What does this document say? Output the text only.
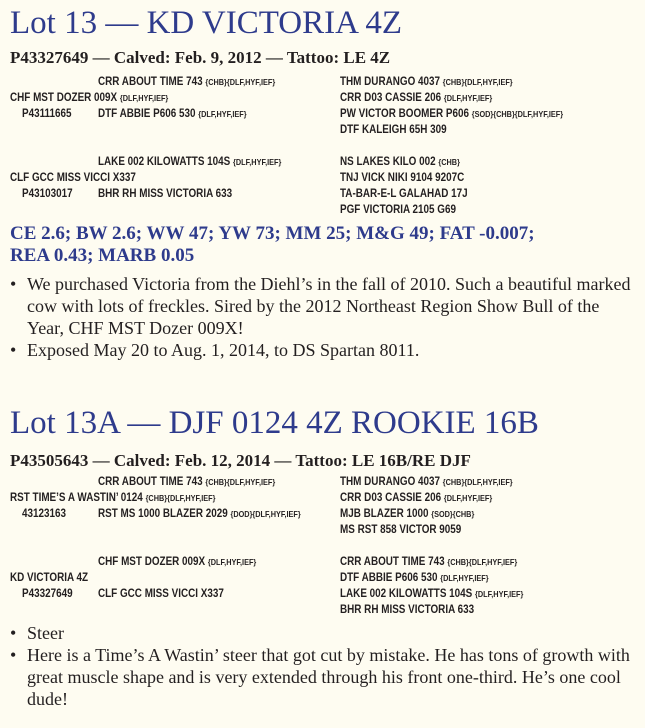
Lot 13 — KD VICTORIA 4Z
P43327649 — Calved: Feb. 9, 2012 — Tattoo: LE 4Z
CRR ABOUT TIME 743 {CHB}{DLF,HYF,IEF}
CHF MST DOZER 009X {DLF,HYF,IEF}
P43111665 DTF ABBIE P606 530 {DLF,HYF,IEF}
THM DURANGO 4037 {CHB}{DLF,HYF,IEF}
CRR D03 CASSIE 206 {DLF,HYF,IEF}
PW VICTOR BOOMER P606 {SOD}{CHB}{DLF,HYF,IEF}
DTF KALEIGH 65H 309
LAKE 002 KILOWATTS 104S {DLF,HYF,IEF}
CLF GCC MISS VICCI X337
P43103017 BHR RH MISS VICTORIA 633
NS LAKES KILO 002 {CHB}
TNJ VICK NIKI 9104 9207C
TA-BAR-E-L GALAHAD 17J
PGF VICTORIA 2105 G69
CE 2.6; BW 2.6; WW 47; YW 73; MM 25; M&G 49; FAT -0.007;
REA 0.43; MARB 0.05
• We purchased Victoria from the Diehl’s in the fall of 2010. Such a beautiful marked cow with lots of freckles. Sired by the 2012 Northeast Region Show Bull of the Year, CHF MST Dozer 009X!
• Exposed May 20 to Aug. 1, 2014, to DS Spartan 8011.
Lot 13A — DJF 0124 4Z ROOKIE 16B
P43505643 — Calved: Feb. 12, 2014 — Tattoo: LE 16B/RE DJF
CRR ABOUT TIME 743 {CHB}{DLF,HYF,IEF}
RST TIME’S A WASTIN’ 0124 {CHB}{DLF,HYF,IEF}
43123163	RST MS 1000 BLAZER 2029 {DOD}{DLF,HYF,IEF}
THM DURANGO 4037 {CHB}{DLF,HYF,IEF}
CRR D03 CASSIE 206 {DLF,HYF,IEF}
MJB BLAZER 1000 {SOD}{CHB}
MS RST 858 VICTOR 9059
CHF MST DOZER 009X {DLF,HYF,IEF}
KD VICTORIA 4Z
P43327649 CLF GCC MISS VICCI X337
CRR ABOUT TIME 743 {CHB}{DLF,HYF,IEF}
DTF ABBIE P606 530 {DLF,HYF,IEF}
LAKE 002 KILOWATTS 104S {DLF,HYF,IEF}
BHR RH MISS VICTORIA 633
• Steer
• Here is a Time’s A Wastin’ steer that got cut by mistake. He has tons of growth with great muscle shape and is very extended through his front one-third. He’s one cool dude!
